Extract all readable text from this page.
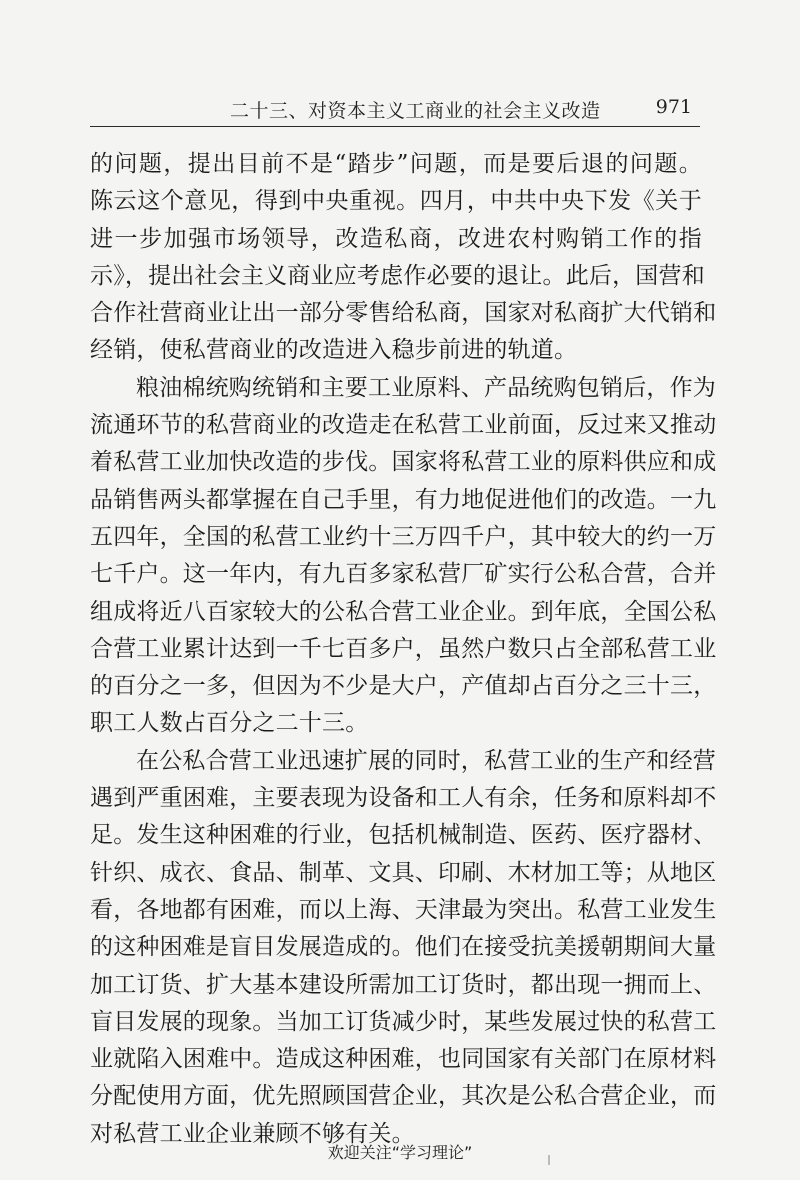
二十三、对资本主义工商业的社会主义改造	971
的问题，提出目前不是“踏步”问题，而是要后退的问题。
陈云这个意见，得到中央重视。四月，中共中央下发《关于
进一步加强市场领导，改造私商，改进农村购销工作的指
示》，提出社会主义商业应考虑作必要的退让。此后，国营和
合作社营商业让出一部分零售给私商，国家对私商扩大代销和
经销，使私营商业的改造进入稳步前进的轨道。
粮油棉统购统销和主要工业原料、产品统购包销后，作为
流通环节的私营商业的改造走在私营工业前面，反过来又推动
着私营工业加快改造的步伐。国家将私营工业的原料供应和成
品销售两头都掌握在自己手里，有力地促进他们的改造。一九
五四年，全国的私营工业约十三万四千户，其中较大的约一万
七千户。这一年内，有九百多家私营厂矿实行公私合营，合并
组成将近八百家较大的公私合营工业企业。到年底，全国公私
合营工业累计达到一千七百多户，虽然户数只占全部私营工业
的百分之一多，但因为不少是大户，产值却占百分之三十三，
职工人数占百分之二十三。
在公私合营工业迅速扩展的同时，私营工业的生产和经营
遇到严重困难，主要表现为设备和工人有余，任务和原料却不
足。发生这种困难的行业，包括机械制造、医药、医疗器材、
针织、成衣、食品、制革、文具、印刷、木材加工等；从地区
看，各地都有困难，而以上海、天津最为突出。私营工业发生
的这种困难是盲目发展造成的。他们在接受抗美援朝期间大量
加工订货、扩大基本建设所需加工订货时，都出现一拥而上、
盲目发展的现象。当加工订货减少时，某些发展过快的私营工
业就陷入困难中。造成这种困难，也同国家有关部门在原材料
分配使用方面，优先照顾国营企业，其次是公私合营企业，而
对私营工业企业兼顾不够有关。
欢迎关注“学习理论”
